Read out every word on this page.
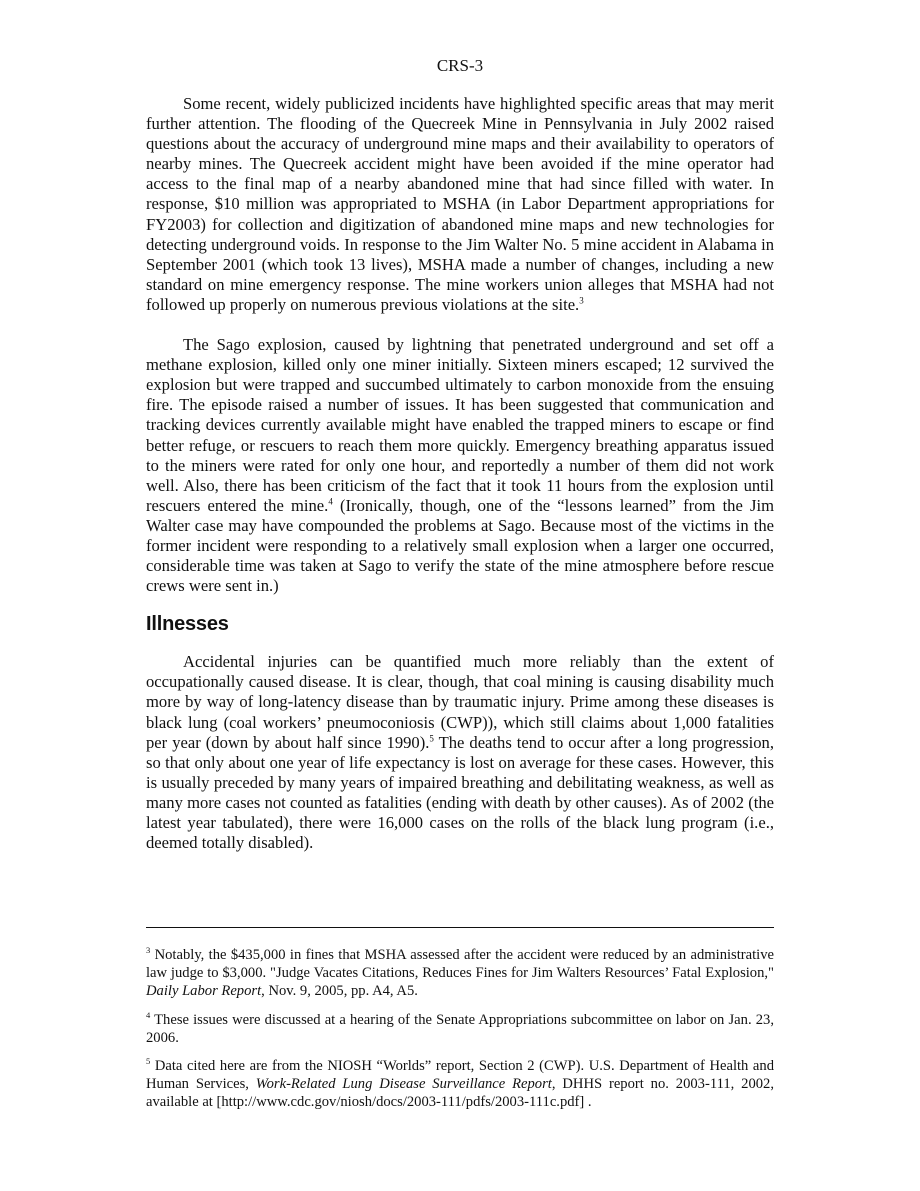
CRS-3

Some recent, widely publicized incidents have highlighted specific areas that may merit further attention. The flooding of the Quecreek Mine in Pennsylvania in July 2002 raised questions about the accuracy of underground mine maps and their availability to operators of nearby mines. The Quecreek accident might have been avoided if the mine operator had access to the final map of a nearby abandoned mine that had since filled with water. In response, $10 million was appropriated to MSHA (in Labor Department appropriations for FY2003) for collection and digitization of abandoned mine maps and new technologies for detecting underground voids. In response to the Jim Walter No. 5 mine accident in Alabama in September 2001 (which took 13 lives), MSHA made a number of changes, including a new standard on mine emergency response. The mine workers union alleges that MSHA had not followed up properly on numerous previous violations at the site.$^3$

The Sago explosion, caused by lightning that penetrated underground and set off a methane explosion, killed only one miner initially. Sixteen miners escaped; 12 survived the explosion but were trapped and succumbed ultimately to carbon monoxide from the ensuing fire. The episode raised a number of issues. It has been suggested that communication and tracking devices currently available might have enabled the trapped miners to escape or find better refuge, or rescuers to reach them more quickly. Emergency breathing apparatus issued to the miners were rated for only one hour, and reportedly a number of them did not work well. Also, there has been criticism of the fact that it took 11 hours from the explosion until rescuers entered the mine.$^4$ (Ironically, though, one of the “lessons learned” from the Jim Walter case may have compounded the problems at Sago. Because most of the victims in the former incident were responding to a relatively small explosion when a larger one occurred, considerable time was taken at Sago to verify the state of the mine atmosphere before rescue crews were sent in.)

Illnesses

Accidental injuries can be quantified much more reliably than the extent of occupationally caused disease. It is clear, though, that coal mining is causing disability much more by way of long-latency disease than by traumatic injury. Prime among these diseases is black lung (coal workers’ pneumoconiosis (CWP)), which still claims about 1,000 fatalities per year (down by about half since 1990).$^5$ The deaths tend to occur after a long progression, so that only about one year of life expectancy is lost on average for these cases. However, this is usually preceded by many years of impaired breathing and debilitating weakness, as well as many more cases not counted as fatalities (ending with death by other causes). As of 2002 (the latest year tabulated), there were 16,000 cases on the rolls of the black lung program (i.e., deemed totally disabled).

$^3$ Notably, the $435,000 in fines that MSHA assessed after the accident were reduced by an administrative law judge to $3,000. "Judge Vacates Citations, Reduces Fines for Jim Walters Resources’ Fatal Explosion," Daily Labor Report, Nov. 9, 2005, pp. A4, A5.

$^4$ These issues were discussed at a hearing of the Senate Appropriations subcommittee on labor on Jan. 23, 2006.

$^5$ Data cited here are from the NIOSH “Worlds” report, Section 2 (CWP). U.S. Department of Health and Human Services, Work-Related Lung Disease Surveillance Report, DHHS report no. 2003-111, 2002, available at [http://www.cdc.gov/niosh/docs/2003-111/pdfs/2003-111c.pdf] .
